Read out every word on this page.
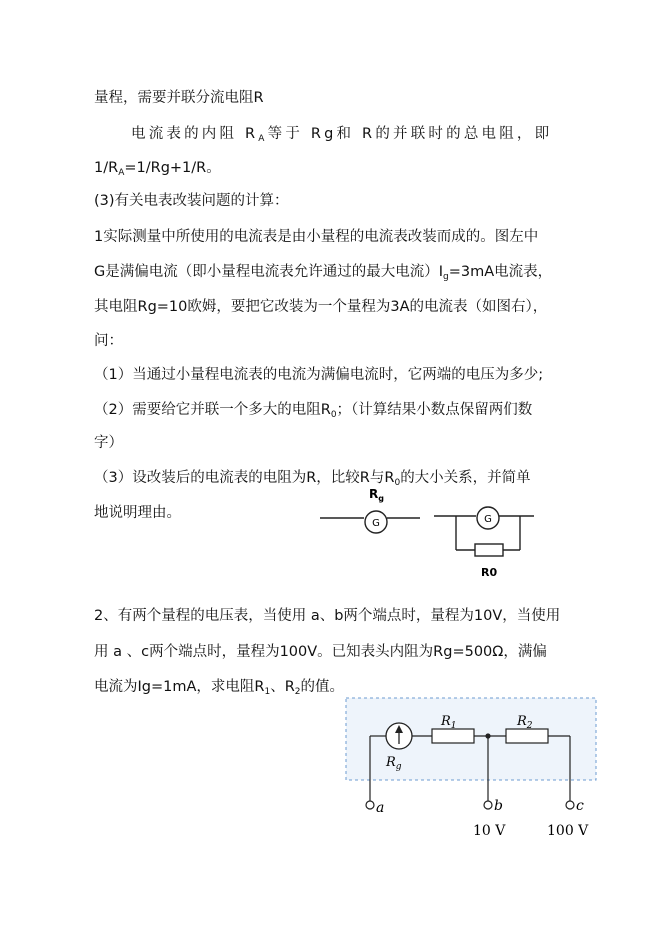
量程，需要并联分流电阻R
电流表的内阻 $R_A$等于 Rg和 R的并联时的总电阻，即
$1/R_A=1/Rg+1/R$。
(3)有关电表改装问题的计算：
1实际测量中所使用的电流表是由小量程的电流表改装而成的。图左中
G是满偏电流（即小量程电流表允许通过的最大电流）$I_g=3mA$电流表，
其电阻Rg=10欧姆，要把它改装为一个量程为3A的电流表（如图右），
问：
（1）当通过小量程电流表的电流为满偏电流时，它两端的电压为多少;
（2）需要给它并联一个多大的电阻$R_0$；（计算结果小数点保留两们数
字）
（3）设改装后的电流表的电阻为R，比较R与$R_0$的大小关系，并简单
地说明理由。
2、有两个量程的电压表，当使用 a、b两个端点时，量程为10V，当使用
用 a 、c两个端点时，量程为100V。已知表头内阻为Rg=500Ω，满偏
电流为Ig=1mA，求电阻$R_1$、$R_2$的值。
$R_g$
G	G
R0
$R_g$
$R_1$	$R_2$
a	b	c
10 V	100 V
